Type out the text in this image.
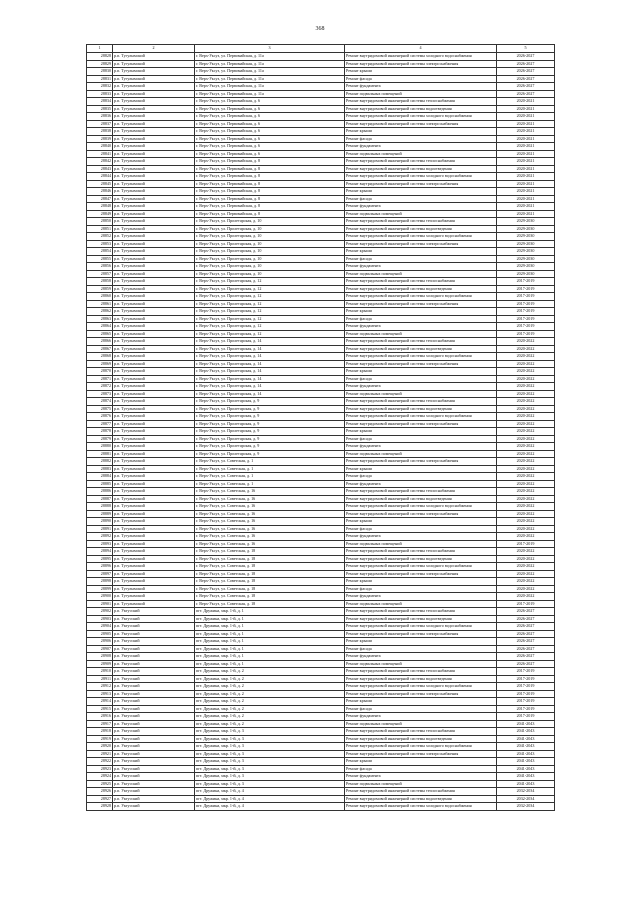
368
1	2	3	4	5
28828	р.п. Тугулымский	г. Верх-Уксуз, ул. Первомайская, д. 11а	Ремонт внутридомовой инженерной системы холодного водоснабжения	2026-2027
28829	р.п. Тугулымский	г. Верх-Уксуз, ул. Первомайская, д. 11а	Ремонт внутридомовой инженерной системы электроснабжения	2026-2027
28830	р.п. Тугулымский	г. Верх-Уксуз, ул. Первомайская, д. 11а	Ремонт крыши	2026-2027
28831	р.п. Тугулымский	г. Верх-Уксуз, ул. Первомайская, д. 11а	Ремонт фасада	2026-2027
28832	р.п. Тугулымский	г. Верх-Уксуз, ул. Первомайская, д. 11а	Ремонт фундамента	2026-2027
28833	р.п. Тугулымский	г. Верх-Уксуз, ул. Первомайская, д. 11а	Ремонт подвальных помещений	2026-2027
28834	р.п. Тугулымский	г. Верх-Уксуз, ул. Первомайская, д. 6	Ремонт внутридомовой инженерной системы теплоснабжения	2020-2021
28835	р.п. Тугулымский	г. Верх-Уксуз, ул. Первомайская, д. 6	Ремонт внутридомовой инженерной системы водоотведения	2020-2021
28836	р.п. Тугулымский	г. Верх-Уксуз, ул. Первомайская, д. 6	Ремонт внутридомовой инженерной системы холодного водоснабжения	2020-2021
28837	р.п. Тугулымский	г. Верх-Уксуз, ул. Первомайская, д. 6	Ремонт внутридомовой инженерной системы электроснабжения	2020-2021
28838	р.п. Тугулымский	г. Верх-Уксуз, ул. Первомайская, д. 6	Ремонт крыши	2020-2021
28839	р.п. Тугулымский	г. Верх-Уксуз, ул. Первомайская, д. 6	Ремонт фасада	2020-2021
28840	р.п. Тугулымский	г. Верх-Уксуз, ул. Первомайская, д. 6	Ремонт фундамента	2020-2021
28841	р.п. Тугулымский	г. Верх-Уксуз, ул. Первомайская, д. 6	Ремонт подвальных помещений	2020-2021
28842	р.п. Тугулымский	г. Верх-Уксуз, ул. Первомайская, д. 8	Ремонт внутридомовой инженерной системы теплоснабжения	2020-2021
28843	р.п. Тугулымский	г. Верх-Уксуз, ул. Первомайская, д. 8	Ремонт внутридомовой инженерной системы водоотведения	2020-2021
28844	р.п. Тугулымский	г. Верх-Уксуз, ул. Первомайская, д. 8	Ремонт внутридомовой инженерной системы холодного водоснабжения	2020-2021
28845	р.п. Тугулымский	г. Верх-Уксуз, ул. Первомайская, д. 8	Ремонт внутридомовой инженерной системы электроснабжения	2020-2021
28846	р.п. Тугулымский	г. Верх-Уксуз, ул. Первомайская, д. 8	Ремонт крыши	2020-2021
28847	р.п. Тугулымский	г. Верх-Уксуз, ул. Первомайская, д. 8	Ремонт фасада	2020-2021
28848	р.п. Тугулымский	г. Верх-Уксуз, ул. Первомайская, д. 8	Ремонт фундамента	2020-2021
28849	р.п. Тугулымский	г. Верх-Уксуз, ул. Первомайская, д. 8	Ремонт подвальных помещений	2020-2021
28850	р.п. Тугулымский	г. Верх-Уксуз, ул. Пролетарская, д. 10	Ремонт внутридомовой инженерной системы теплоснабжения	2029-2030
28851	р.п. Тугулымский	г. Верх-Уксуз, ул. Пролетарская, д. 10	Ремонт внутридомовой инженерной системы водоотведения	2029-2030
28852	р.п. Тугулымский	г. Верх-Уксуз, ул. Пролетарская, д. 10	Ремонт внутридомовой инженерной системы холодного водоснабжения	2029-2030
28853	р.п. Тугулымский	г. Верх-Уксуз, ул. Пролетарская, д. 10	Ремонт внутридомовой инженерной системы электроснабжения	2029-2030
28854	р.п. Тугулымский	г. Верх-Уксуз, ул. Пролетарская, д. 10	Ремонт крыши	2029-2030
28855	р.п. Тугулымский	г. Верх-Уксуз, ул. Пролетарская, д. 10	Ремонт фасада	2029-2030
28856	р.п. Тугулымский	г. Верх-Уксуз, ул. Пролетарская, д. 10	Ремонт фундамента	2029-2030
28857	р.п. Тугулымский	г. Верх-Уксуз, ул. Пролетарская, д. 10	Ремонт подвальных помещений	2029-2030
28858	р.п. Тугулымский	г. Верх-Уксуз, ул. Пролетарская, д. 12	Ремонт внутридомовой инженерной системы теплоснабжения	2017-2019
28859	р.п. Тугулымский	г. Верх-Уксуз, ул. Пролетарская, д. 12	Ремонт внутридомовой инженерной системы водоотведения	2017-2019
28860	р.п. Тугулымский	г. Верх-Уксуз, ул. Пролетарская, д. 12	Ремонт внутридомовой инженерной системы холодного водоснабжения	2017-2019
28861	р.п. Тугулымский	г. Верх-Уксуз, ул. Пролетарская, д. 12	Ремонт внутридомовой инженерной системы электроснабжения	2017-2019
28862	р.п. Тугулымский	г. Верх-Уксуз, ул. Пролетарская, д. 12	Ремонт крыши	2017-2019
28863	р.п. Тугулымский	г. Верх-Уксуз, ул. Пролетарская, д. 12	Ремонт фасада	2017-2019
28864	р.п. Тугулымский	г. Верх-Уксуз, ул. Пролетарская, д. 12	Ремонт фундамента	2017-2019
28865	р.п. Тугулымский	г. Верх-Уксуз, ул. Пролетарская, д. 12	Ремонт подвальных помещений	2017-2019
28866	р.п. Тугулымский	г. Верх-Уксуз, ул. Пролетарская, д. 14	Ремонт внутридомовой инженерной системы теплоснабжения	2020-2022
28867	р.п. Тугулымский	г. Верх-Уксуз, ул. Пролетарская, д. 14	Ремонт внутридомовой инженерной системы водоотведения	2020-2022
28868	р.п. Тугулымский	г. Верх-Уксуз, ул. Пролетарская, д. 14	Ремонт внутридомовой инженерной системы холодного водоснабжения	2020-2022
28869	р.п. Тугулымский	г. Верх-Уксуз, ул. Пролетарская, д. 14	Ремонт внутридомовой инженерной системы электроснабжения	2020-2022
28870	р.п. Тугулымский	г. Верх-Уксуз, ул. Пролетарская, д. 14	Ремонт крыши	2020-2022
28871	р.п. Тугулымский	г. Верх-Уксуз, ул. Пролетарская, д. 14	Ремонт фасада	2020-2022
28872	р.п. Тугулымский	г. Верх-Уксуз, ул. Пролетарская, д. 14	Ремонт фундамента	2020-2022
28873	р.п. Тугулымский	г. Верх-Уксуз, ул. Пролетарская, д. 14	Ремонт подвальных помещений	2020-2022
28874	р.п. Тугулымский	г. Верх-Уксуз, ул. Пролетарская, д. 9	Ремонт внутридомовой инженерной системы теплоснабжения	2020-2022
28875	р.п. Тугулымский	г. Верх-Уксуз, ул. Пролетарская, д. 9	Ремонт внутридомовой инженерной системы водоотведения	2020-2022
28876	р.п. Тугулымский	г. Верх-Уксуз, ул. Пролетарская, д. 9	Ремонт внутридомовой инженерной системы холодного водоснабжения	2020-2022
28877	р.п. Тугулымский	г. Верх-Уксуз, ул. Пролетарская, д. 9	Ремонт внутридомовой инженерной системы электроснабжения	2020-2022
28878	р.п. Тугулымский	г. Верх-Уксуз, ул. Пролетарская, д. 9	Ремонт крыши	2020-2022
28879	р.п. Тугулымский	г. Верх-Уксуз, ул. Пролетарская, д. 9	Ремонт фасада	2020-2022
28880	р.п. Тугулымский	г. Верх-Уксуз, ул. Пролетарская, д. 9	Ремонт фундамента	2020-2022
28881	р.п. Тугулымский	г. Верх-Уксуз, ул. Пролетарская, д. 9	Ремонт подвальных помещений	2020-2022
28882	р.п. Тугулымский	г. Верх-Уксуз, ул. Советская, д. 1	Ремонт внутридомовой инженерной системы электроснабжения	2020-2022
28883	р.п. Тугулымский	г. Верх-Уксуз, ул. Советская, д. 1	Ремонт крыши	2020-2022
28884	р.п. Тугулымский	г. Верх-Уксуз, ул. Советская, д. 1	Ремонт фасада	2020-2022
28885	р.п. Тугулымский	г. Верх-Уксуз, ул. Советская, д. 1	Ремонт фундамента	2020-2022
28886	р.п. Тугулымский	г. Верх-Уксуз, ул. Советская, д. 16	Ремонт внутридомовой инженерной системы теплоснабжения	2020-2022
28887	р.п. Тугулымский	г. Верх-Уксуз, ул. Советская, д. 16	Ремонт внутридомовой инженерной системы водоотведения	2020-2022
28888	р.п. Тугулымский	г. Верх-Уксуз, ул. Советская, д. 16	Ремонт внутридомовой инженерной системы холодного водоснабжения	2020-2022
28889	р.п. Тугулымский	г. Верх-Уксуз, ул. Советская, д. 16	Ремонт внутридомовой инженерной системы электроснабжения	2020-2022
28890	р.п. Тугулымский	г. Верх-Уксуз, ул. Советская, д. 16	Ремонт крыши	2020-2022
28891	р.п. Тугулымский	г. Верх-Уксуз, ул. Советская, д. 16	Ремонт фасада	2020-2022
28892	р.п. Тугулымский	г. Верх-Уксуз, ул. Советская, д. 16	Ремонт фундамента	2020-2022
28893	р.п. Тугулымский	г. Верх-Уксуз, ул. Советская, д. 16	Ремонт подвальных помещений	2017-2019
28894	р.п. Тугулымский	г. Верх-Уксуз, ул. Советская, д. 18	Ремонт внутридомовой инженерной системы теплоснабжения	2020-2022
28895	р.п. Тугулымский	г. Верх-Уксуз, ул. Советская, д. 18	Ремонт внутридомовой инженерной системы водоотведения	2020-2022
28896	р.п. Тугулымский	г. Верх-Уксуз, ул. Советская, д. 18	Ремонт внутридомовой инженерной системы холодного водоснабжения	2020-2022
28897	р.п. Тугулымский	г. Верх-Уксуз, ул. Советская, д. 18	Ремонт внутридомовой инженерной системы электроснабжения	2020-2022
28898	р.п. Тугулымский	г. Верх-Уксуз, ул. Советская, д. 18	Ремонт крыши	2020-2022
28899	р.п. Тугулымский	г. Верх-Уксуз, ул. Советская, д. 18	Ремонт фасада	2020-2022
28900	р.п. Тугулымский	г. Верх-Уксуз, ул. Советская, д. 18	Ремонт фундамента	2020-2022
28901	р.п. Тугулымский	г. Верх-Уксуз, ул. Советская, д. 18	Ремонт подвальных помещений	2017-2019
28902	р.п. Уктусский	пгт. Дружина, мкр. 1-й, д. 1	Ремонт внутридомовой инженерной системы теплоснабжения	2026-2027
28903	р.п. Уктусский	пгт. Дружина, мкр. 1-й, д. 1	Ремонт внутридомовой инженерной системы водоотведения	2026-2027
28904	р.п. Уктусский	пгт. Дружина, мкр. 1-й, д. 1	Ремонт внутридомовой инженерной системы холодного водоснабжения	2026-2027
28905	р.п. Уктусский	пгт. Дружина, мкр. 1-й, д. 1	Ремонт внутридомовой инженерной системы электроснабжения	2026-2027
28906	р.п. Уктусский	пгт. Дружина, мкр. 1-й, д. 1	Ремонт крыши	2026-2027
28907	р.п. Уктусский	пгт. Дружина, мкр. 1-й, д. 1	Ремонт фасада	2026-2027
28908	р.п. Уктусский	пгт. Дружина, мкр. 1-й, д. 1	Ремонт фундамента	2026-2027
28909	р.п. Уктусский	пгт. Дружина, мкр. 1-й, д. 1	Ремонт подвальных помещений	2026-2027
28910	р.п. Уктусский	пгт. Дружина, мкр. 1-й, д. 2	Ремонт внутридомовой инженерной системы теплоснабжения	2017-2019
28911	р.п. Уктусский	пгт. Дружина, мкр. 1-й, д. 2	Ремонт внутридомовой инженерной системы водоотведения	2017-2019
28912	р.п. Уктусский	пгт. Дружина, мкр. 1-й, д. 2	Ремонт внутридомовой инженерной системы холодного водоснабжения	2017-2019
28913	р.п. Уктусский	пгт. Дружина, мкр. 1-й, д. 2	Ремонт внутридомовой инженерной системы электроснабжения	2017-2019
28914	р.п. Уктусский	пгт. Дружина, мкр. 1-й, д. 2	Ремонт крыши	2017-2019
28915	р.п. Уктусский	пгт. Дружина, мкр. 1-й, д. 2	Ремонт фасада	2017-2019
28916	р.п. Уктусский	пгт. Дружина, мкр. 1-й, д. 2	Ремонт фундамента	2017-2019
28917	р.п. Уктусский	пгт. Дружина, мкр. 1-й, д. 2	Ремонт подвальных помещений	2041-2043
28918	р.п. Уктусский	пгт. Дружина, мкр. 1-й, д. 3	Ремонт внутридомовой инженерной системы теплоснабжения	2041-2043
28919	р.п. Уктусский	пгт. Дружина, мкр. 1-й, д. 3	Ремонт внутридомовой инженерной системы водоотведения	2041-2043
28920	р.п. Уктусский	пгт. Дружина, мкр. 1-й, д. 3	Ремонт внутридомовой инженерной системы холодного водоснабжения	2041-2043
28921	р.п. Уктусский	пгт. Дружина, мкр. 1-й, д. 3	Ремонт внутридомовой инженерной системы электроснабжения	2041-2043
28922	р.п. Уктусский	пгт. Дружина, мкр. 1-й, д. 3	Ремонт крыши	2041-2043
28923	р.п. Уктусский	пгт. Дружина, мкр. 1-й, д. 3	Ремонт фасада	2041-2043
28924	р.п. Уктусский	пгт. Дружина, мкр. 1-й, д. 3	Ремонт фундамента	2041-2043
28925	р.п. Уктусский	пгт. Дружина, мкр. 1-й, д. 3	Ремонт подвальных помещений	2041-2043
28926	р.п. Уктусский	пгт. Дружина, мкр. 1-й, д. 4	Ремонт внутридомовой инженерной системы теплоснабжения	2032-2034
28927	р.п. Уктусский	пгт. Дружина, мкр. 1-й, д. 4	Ремонт внутридомовой инженерной системы водоотведения	2032-2034
28928	р.п. Уктусский	пгт. Дружина, мкр. 1-й, д. 4	Ремонт внутридомовой инженерной системы холодного водоснабжения	2032-2034
